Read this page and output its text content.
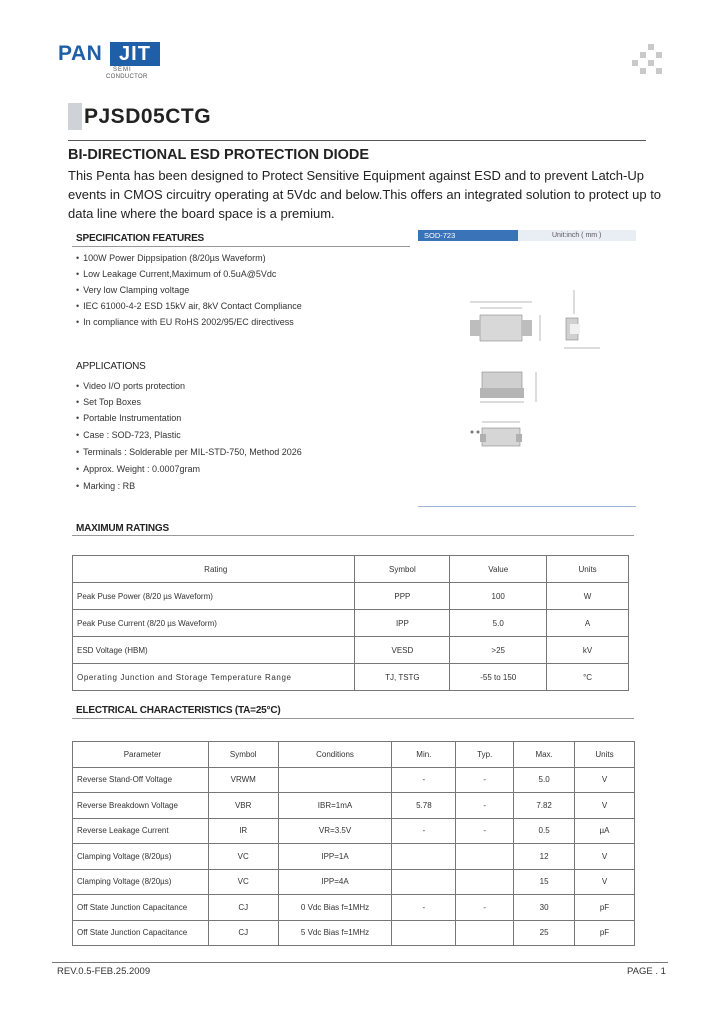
PAN JIT
SEMI
CONDUCTOR
PJSD05CTG
BI-DIRECTIONAL ESD PROTECTION DIODE
This Penta has been designed to Protect Sensitive Equipment against ESD and to prevent Latch-Up events in CMOS circuitry operating at 5Vdc and below.This offers an integrated solution to protect up to data line where the board space is a premium.
SPECIFICATION FEATURES
• 100W Power Dippsipation (8/20µs Waveform)
• Low Leakage Current,Maximum of 0.5uA@5Vdc
• Very low Clamping voltage
• IEC 61000-4-2 ESD 15kV air, 8kV Contact Compliance
• In compliance with EU RoHS 2002/95/EC directivess
APPLICATIONS
• Video I/O ports protection
• Set Top Boxes
• Portable Instrumentation
• Case : SOD-723, Plastic
• Terminals : Solderable per MIL-STD-750, Method 2026
• Approx. Weight : 0.0007gram
• Marking : RB
SOD-723	Unit:inch ( mm )
MAXIMUM RATINGS
Rating	Symbol	Value	Units
Peak Puse Power (8/20 µs Waveform)	PPP	100	W
Peak Puse Current (8/20 µs Waveform)	IPP	5.0	A
ESD Voltage (HBM)	VESD	>25	kV
Operating Junction and Storage Temperature Range	TJ, TSTG	-55 to 150	°C
ELECTRICAL CHARACTERISTICS (TA=25°C)
Parameter	Symbol	Conditions	Min.	Typ.	Max.	Units
Reverse Stand-Off Voltage	VRWM		-	-	5.0	V
Reverse Breakdown Voltage	VBR	IBR=1mA	5.78	-	7.82	V
Reverse Leakage Current	IR	VR=3.5V	-	-	0.5	µA
Clamping Voltage (8/20µs)	VC	IPP=1A			12	V
Clamping Voltage (8/20µs)	VC	IPP=4A			15	V
Off State Junction Capacitance	CJ	0 Vdc Bias f=1MHz	-	-	30	pF
Off State Junction Capacitance	CJ	5 Vdc Bias f=1MHz			25	pF
REV.0.5-FEB.25.2009	PAGE . 1
